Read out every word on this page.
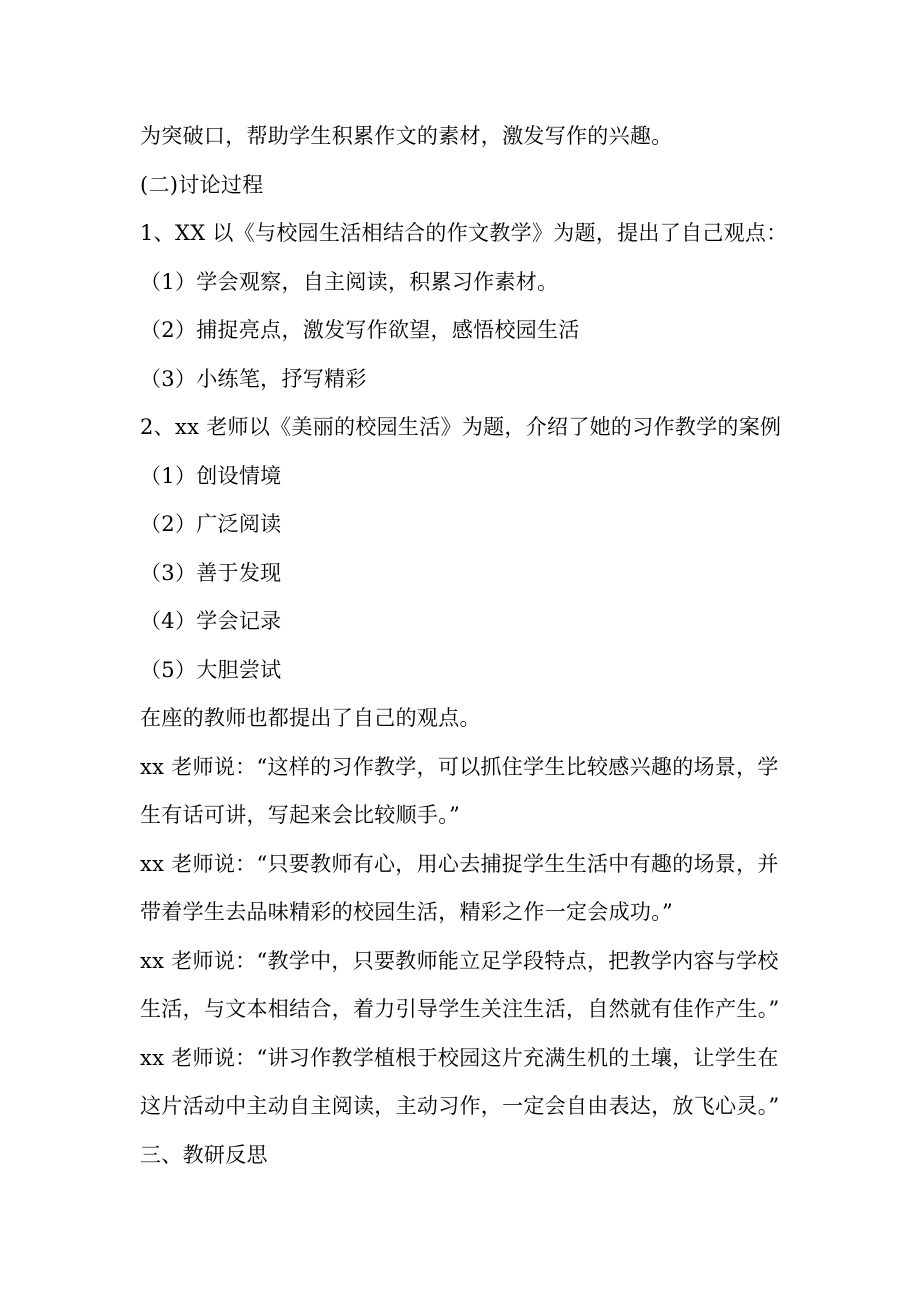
为突破口，帮助学生积累作文的素材，激发写作的兴趣。
(二)讨论过程
1、XX 以《与校园生活相结合的作文教学》为题，提出了自己观点：
（1）学会观察，自主阅读，积累习作素材。
（2）捕捉亮点，激发写作欲望，感悟校园生活
（3）小练笔，抒写精彩
2、xx 老师以《美丽的校园生活》为题，介绍了她的习作教学的案例
（1）创设情境
（2）广泛阅读
（3）善于发现
（4）学会记录
（5）大胆尝试
在座的教师也都提出了自己的观点。
xx 老师说：“这样的习作教学，可以抓住学生比较感兴趣的场景，学
生有话可讲，写起来会比较顺手。”
xx 老师说：“只要教师有心，用心去捕捉学生生活中有趣的场景，并
带着学生去品味精彩的校园生活，精彩之作一定会成功。”
xx 老师说：“教学中，只要教师能立足学段特点，把教学内容与学校
生活，与文本相结合，着力引导学生关注生活，自然就有佳作产生。”
xx 老师说：“讲习作教学植根于校园这片充满生机的土壤，让学生在
这片活动中主动自主阅读，主动习作，一定会自由表达，放飞心灵。”
三、教研反思
